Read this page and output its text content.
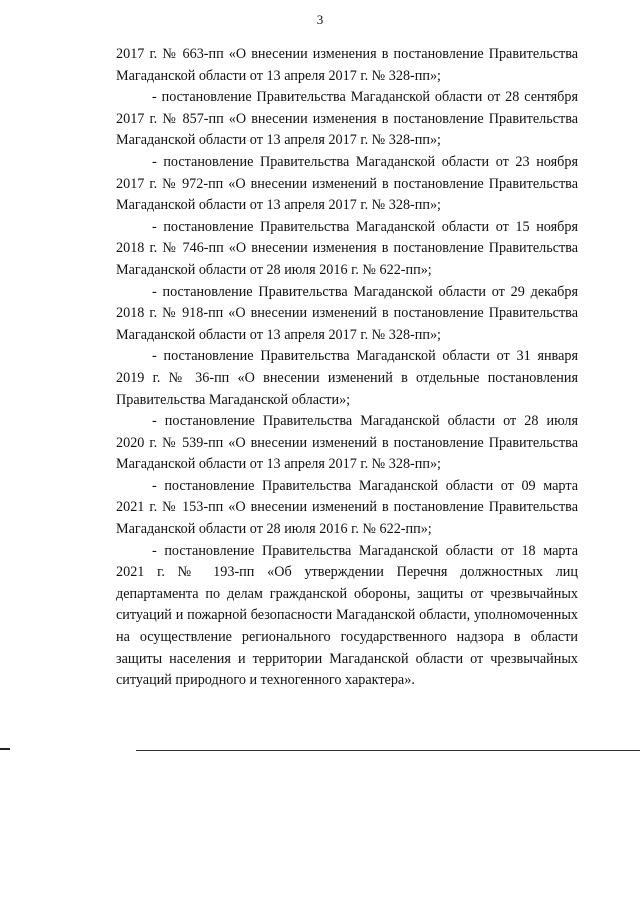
3

2017 г. № 663-пп «О внесении изменения в постановление Правительства Магаданской области от 13 апреля 2017 г. № 328-пп»;

- постановление Правительства Магаданской области от 28 сентября 2017 г. № 857-пп «О внесении изменения в постановление Правительства Магаданской области от 13 апреля 2017 г. № 328-пп»;

- постановление Правительства Магаданской области от 23 ноября 2017 г. № 972-пп «О внесении изменений в постановление Правительства Магаданской области от 13 апреля 2017 г. № 328-пп»;

- постановление Правительства Магаданской области от 15 ноября 2018 г. № 746-пп «О внесении изменения в постановление Правительства Магаданской области от 28 июля 2016 г. № 622-пп»;

- постановление Правительства Магаданской области от 29 декабря 2018 г. № 918-пп «О внесении изменений в постановление Правительства Магаданской области от 13 апреля 2017 г. № 328-пп»;

- постановление Правительства Магаданской области от 31 января 2019 г. № 36-пп «О внесении изменений в отдельные постановления Правительства Магаданской области»;

- постановление Правительства Магаданской области от 28 июля 2020 г. № 539-пп «О внесении изменений в постановление Правительства Магаданской области от 13 апреля 2017 г. № 328-пп»;

- постановление Правительства Магаданской области от 09 марта 2021 г. № 153-пп «О внесении изменений в постановление Правительства Магаданской области от 28 июля 2016 г. № 622-пп»;

- постановление Правительства Магаданской области от 18 марта 2021 г. № 193-пп «Об утверждении Перечня должностных лиц департамента по делам гражданской обороны, защиты от чрезвычайных ситуаций и пожарной безопасности Магаданской области, уполномоченных на осуществление регионального государственного надзора в области защиты населения и территории Магаданской области от чрезвычайных ситуаций природного и техногенного характера».
